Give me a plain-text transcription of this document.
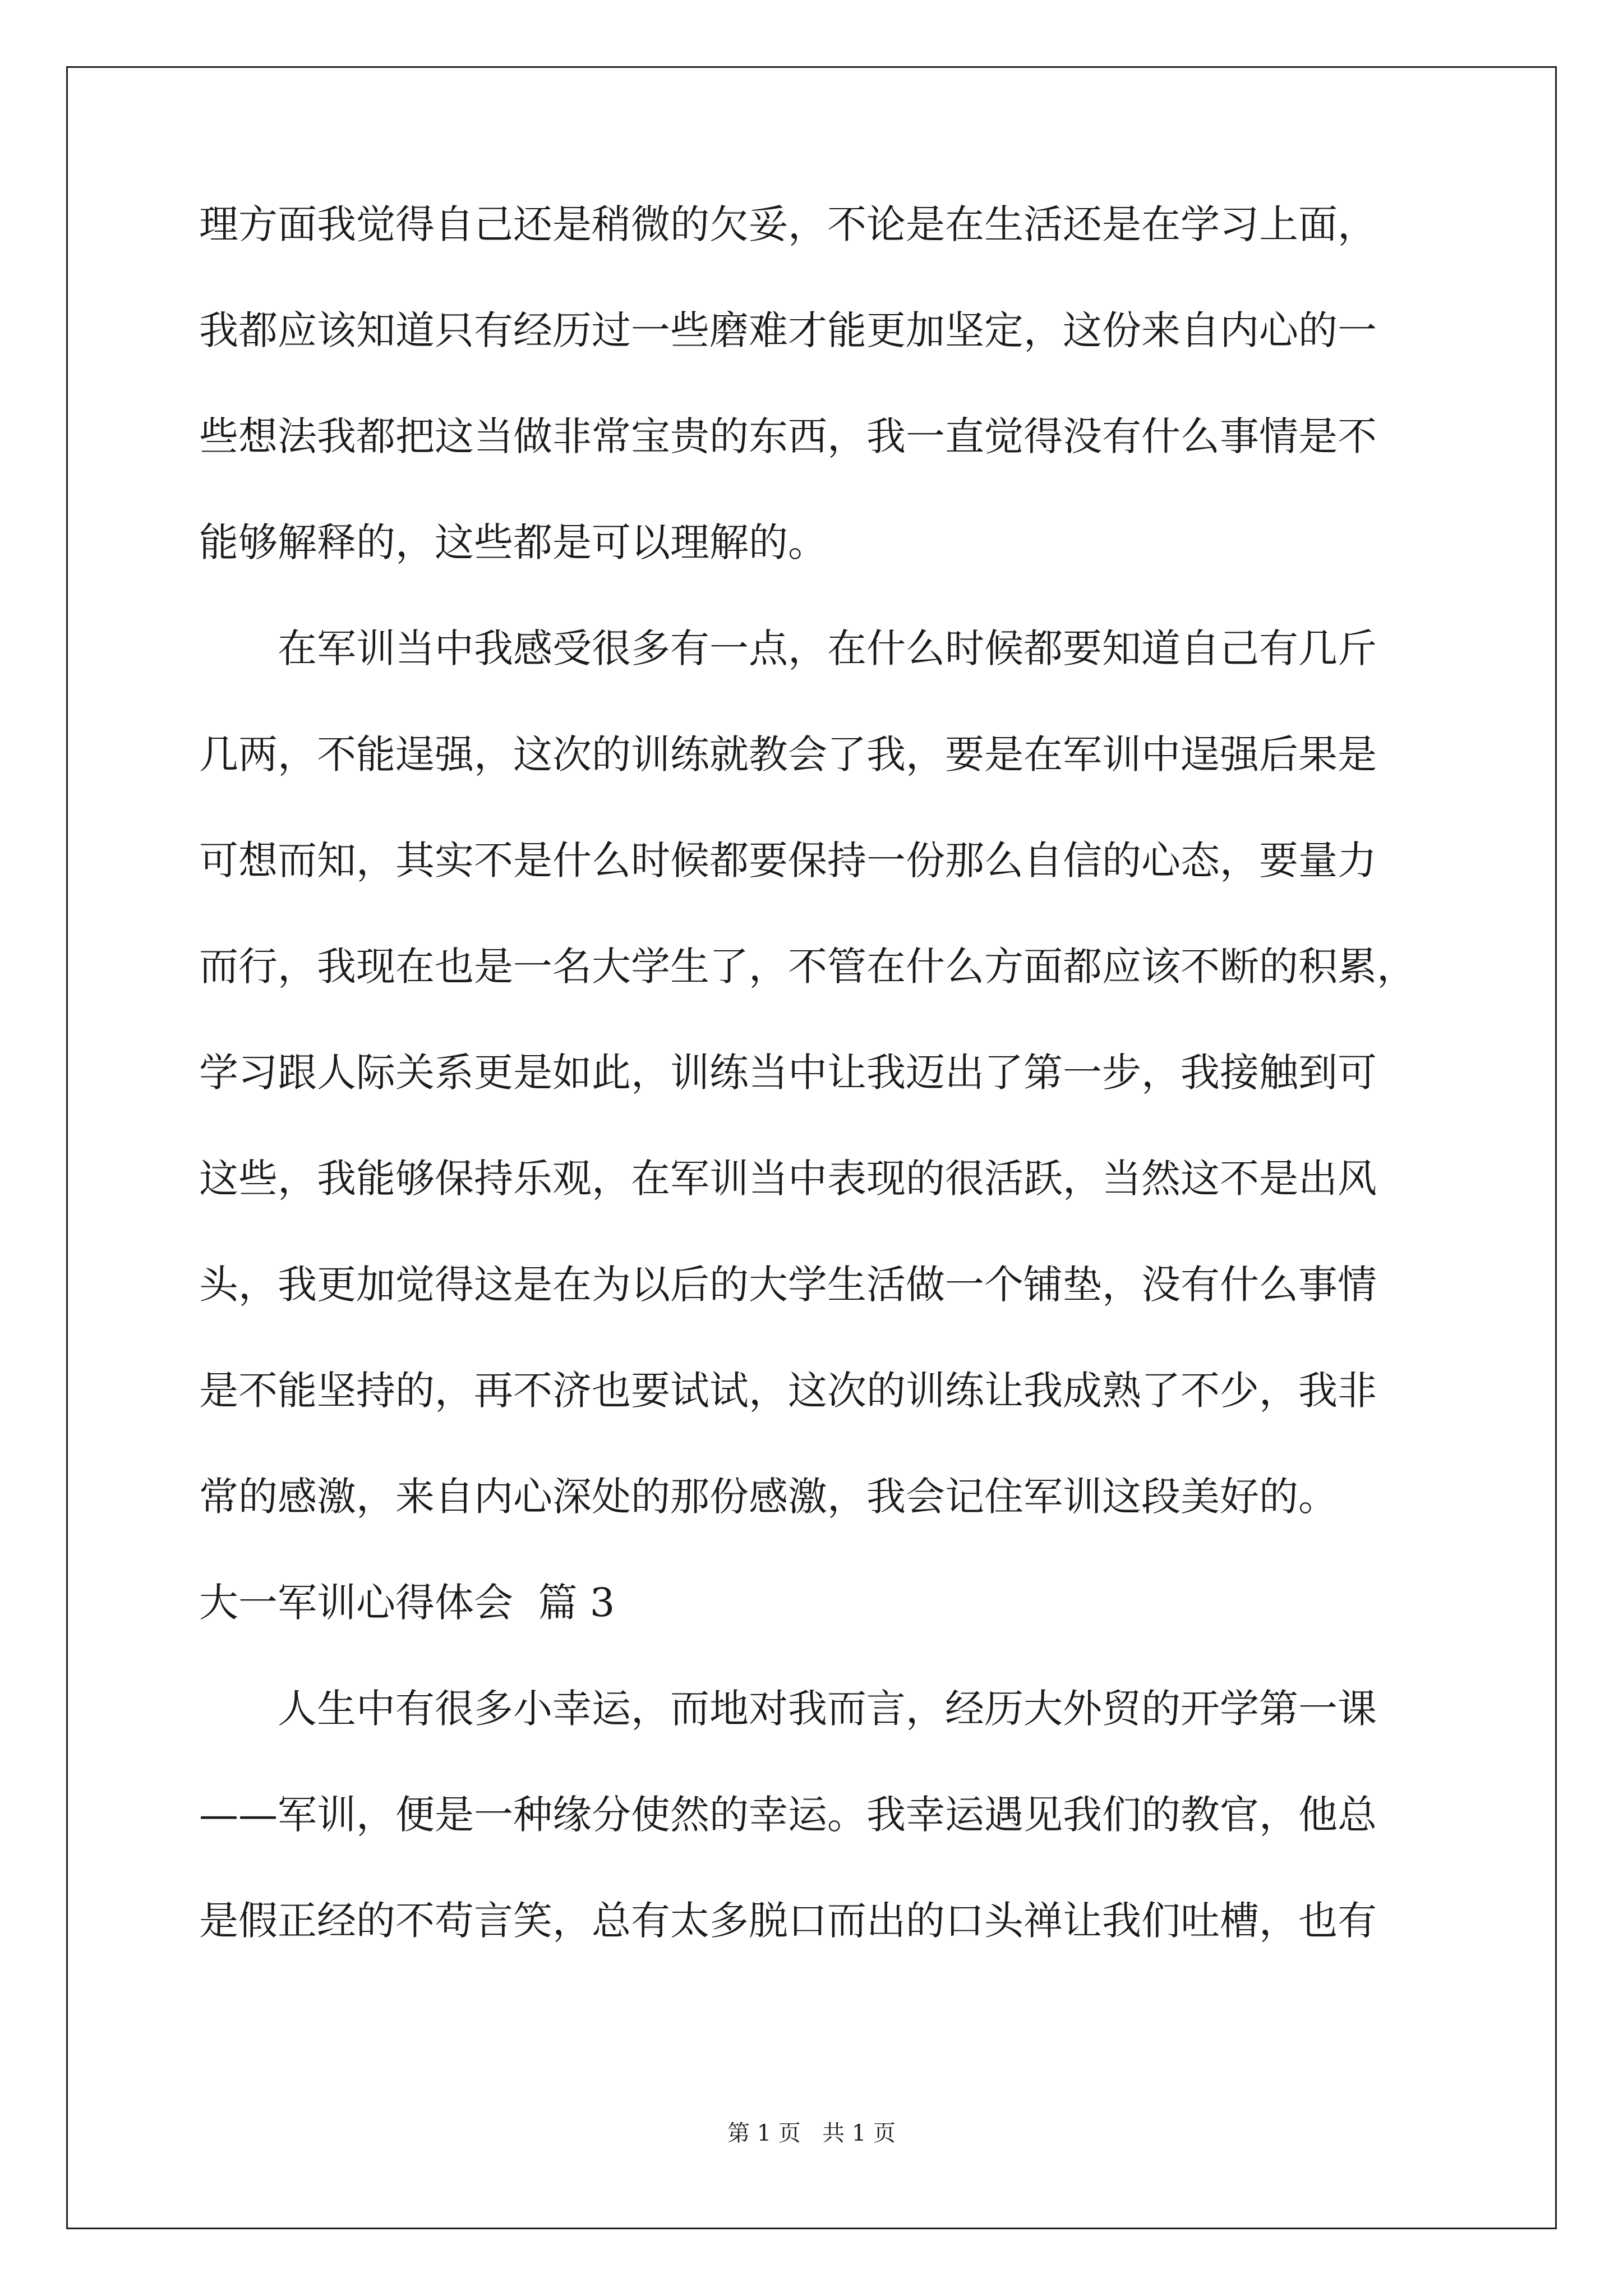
理方面我觉得自己还是稍微的欠妥，不论是在生活还是在学习上面，
我都应该知道只有经历过一些磨难才能更加坚定，这份来自内心的一
些想法我都把这当做非常宝贵的东西，我一直觉得没有什么事情是不
能够解释的，这些都是可以理解的。
在军训当中我感受很多有一点，在什么时候都要知道自己有几斤
几两，不能逞强，这次的训练就教会了我，要是在军训中逞强后果是
可想而知，其实不是什么时候都要保持一份那么自信的心态，要量力
而行，我现在也是一名大学生了，不管在什么方面都应该不断的积累，
学习跟人际关系更是如此，训练当中让我迈出了第一步，我接触到可
这些，我能够保持乐观，在军训当中表现的很活跃，当然这不是出风
头，我更加觉得这是在为以后的大学生活做一个铺垫，没有什么事情
是不能坚持的，再不济也要试试，这次的训练让我成熟了不少，我非
常的感激，来自内心深处的那份感激，我会记住军训这段美好的。
大一军训心得体会  篇 3
人生中有很多小幸运，而地对我而言，经历大外贸的开学第一课
——军训，便是一种缘分使然的幸运。我幸运遇见我们的教官，他总
是假正经的不苟言笑，总有太多脱口而出的口头禅让我们吐槽，也有
第 1 页   共 1 页
